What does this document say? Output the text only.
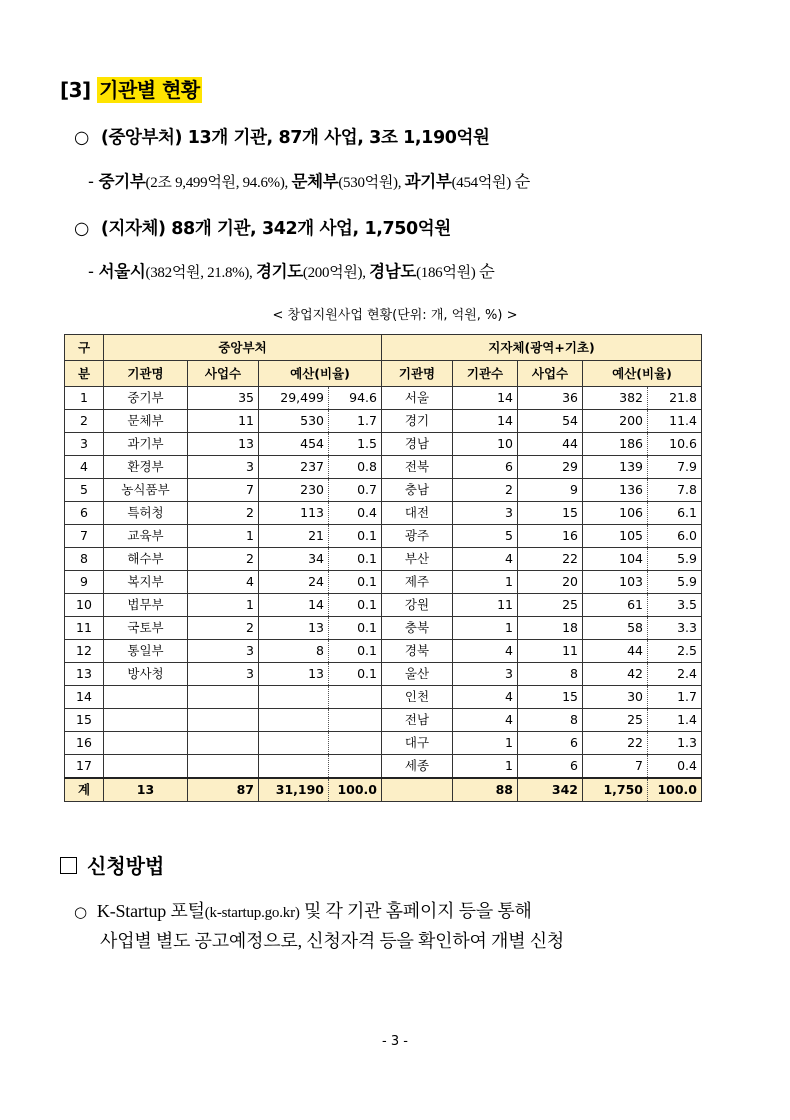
[3] 기관별 현황
○ (중앙부처) 13개 기관, 87개 사업, 3조 1,190억원
- 중기부(2조 9,499억원, 94.6%), 문체부(530억원), 과기부(454억원) 순
○ (지자체) 88개 기관, 342개 사업, 1,750억원
- 서울시(382억원, 21.8%), 경기도(200억원), 경남도(186억원) 순
< 창업지원사업 현황(단위: 개, 억원, %) >
구	중앙부처				지자체(광역+기초)				
분	기관명	사업수	예산(비율)		기관명	기관수	사업수	예산(비율)	
1	중기부	35	29,499	94.6	서울	14	36	382	21.8
2	문체부	11	530	1.7	경기	14	54	200	11.4
3	과기부	13	454	1.5	경남	10	44	186	10.6
4	환경부	3	237	0.8	전북	6	29	139	7.9
5	농식품부	7	230	0.7	충남	2	9	136	7.8
6	특허청	2	113	0.4	대전	3	15	106	6.1
7	교육부	1	21	0.1	광주	5	16	105	6.0
8	해수부	2	34	0.1	부산	4	22	104	5.9
9	복지부	4	24	0.1	제주	1	20	103	5.9
10	법무부	1	14	0.1	강원	11	25	61	3.5
11	국토부	2	13	0.1	충북	1	18	58	3.3
12	통일부	3	8	0.1	경북	4	11	44	2.5
13	방사청	3	13	0.1	울산	3	8	42	2.4
14					인천	4	15	30	1.7
15					전남	4	8	25	1.4
16					대구	1	6	22	1.3
17					세종	1	6	7	0.4
계	13	87	31,190	100.0		88	342	1,750	100.0
신청방법
○ K-Startup 포털(k-startup.go.kr) 및 각 기관 홈페이지 등을 통해
사업별 별도 공고예정으로, 신청자격 등을 확인하여 개별 신청
- 3 -
